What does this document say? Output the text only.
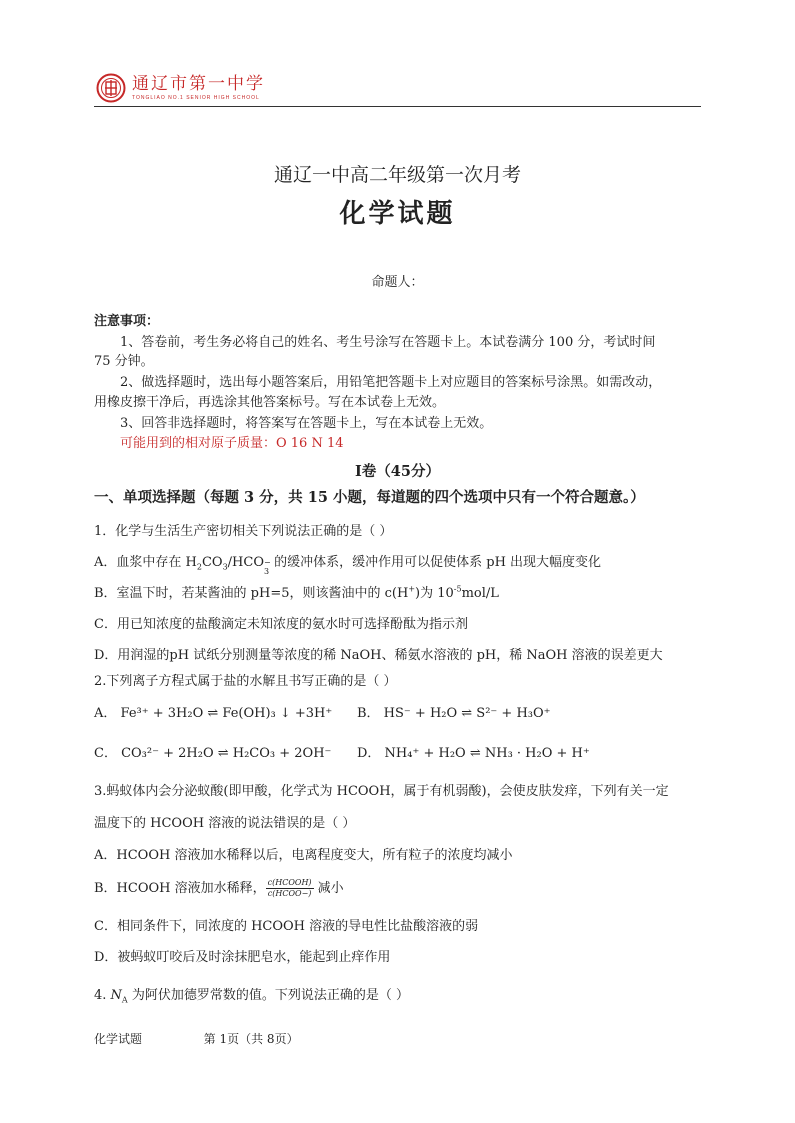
通辽市第一中学
TONGLIAO NO.1 SENIOR HIGH SCHOOL
通辽一中高二年级第一次月考
化学试题
命题人：
注意事项：
1、答卷前，考生务必将自己的姓名、考生号涂写在答题卡上。本试卷满分 100 分，考试时间
75 分钟。
2、做选择题时，选出每小题答案后，用铅笔把答题卡上对应题目的答案标号涂黑。如需改动，
用橡皮擦干净后，再选涂其他答案标号。写在本试卷上无效。
3、回答非选择题时，将答案写在答题卡上，写在本试卷上无效。
可能用到的相对原子质量：O 16 N 14
I卷（45分）
一、单项选择题（每题 3 分，共 15 小题，每道题的四个选项中只有一个符合题意。）
1．化学与生活生产密切相关下列说法正确的是（ ）
A．血浆中存在 $H_2CO_3$/HCO −
3
的缓冲体系，缓冲作用可以促使体系 pH 出现大幅度变化
B．室温下时，若某酱油的 pH=5，则该酱油中的 c(H+)为 $10^{-5}mol/L$
C．用已知浓度的盐酸滴定未知浓度的氨水时可选择酚酞为指示剂
D．用润湿的pH 试纸分别测量等浓度的稀 NaOH、稀氨水溶液的 pH，稀 NaOH 溶液的误差更大
2.下列离子方程式属于盐的水解且书写正确的是（ ）
A． Fe³⁺ + 3H₂O ⇌ Fe(OH)₃ ↓ +3H⁺ B． HS⁻ + H₂O ⇌ S²⁻ + H₃O⁺
C． CO₃²⁻ + 2H₂O ⇌ H₂CO₃ + 2OH⁻ D． NH₄⁺ + H₂O ⇌ NH₃ · H₂O + H⁺
3.蚂蚁体内会分泌蚁酸(即甲酸，化学式为 HCOOH，属于有机弱酸)，会使皮肤发痒，下列有关一定
温度下的 HCOOH 溶液的说法错误的是（ ）
A．HCOOH 溶液加水稀释以后，电离程度变大，所有粒子的浓度均减小
B．HCOOH 溶液加水稀释， $\frac{\text{c(HCOOH)}}{\text{c(HCOO−)}}$ 减小
C．相同条件下，同浓度的 HCOOH 溶液的导电性比盐酸溶液的弱
D．被蚂蚁叮咬后及时涂抹肥皂水，能起到止痒作用
4. $N_A$ 为阿伏加德罗常数的值。下列说法正确的是（ ）
化学试题	第 1页（共 8页）
